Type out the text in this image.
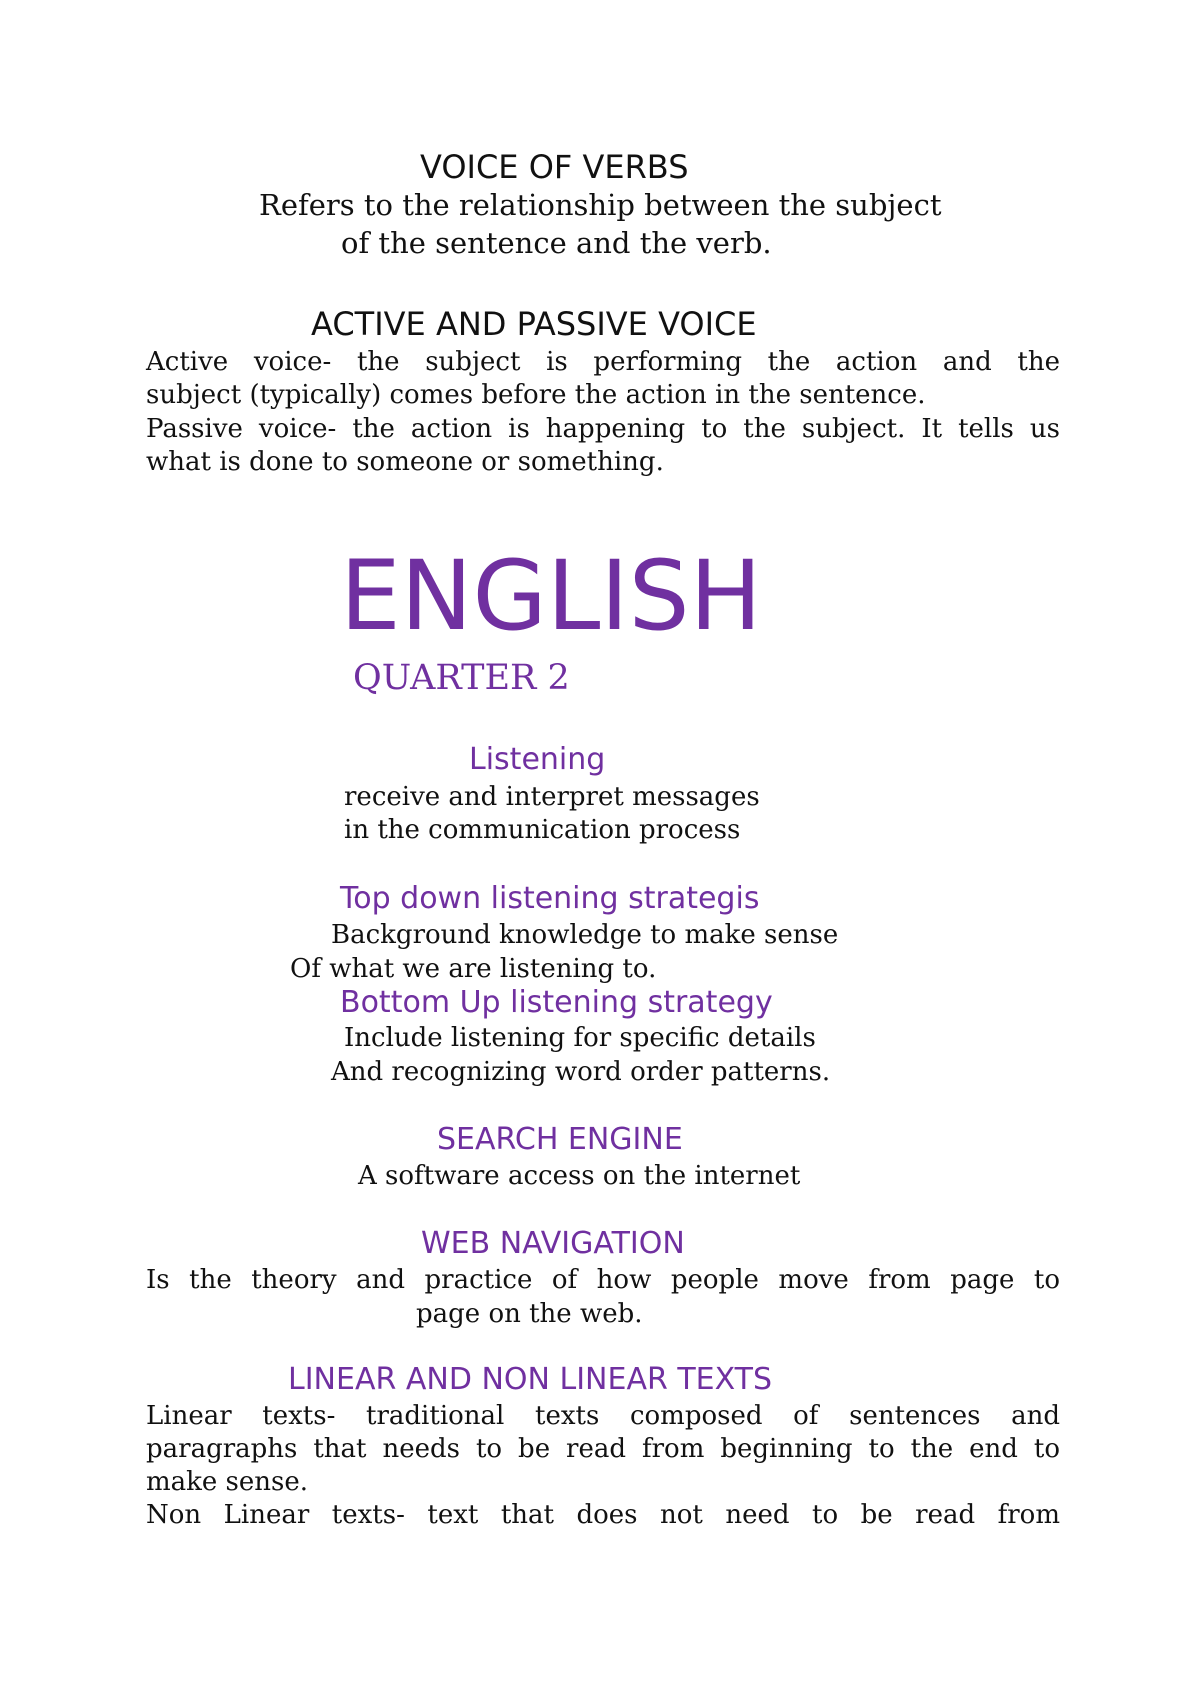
VOICE OF VERBS
Refers to the relationship between the subject
of the sentence and the verb.
ACTIVE AND PASSIVE VOICE

Active voice- the subject is performing the action and the

subject (typically) comes before the action in the sentence.

Passive voice- the action is happening to the subject. It tells us

what is done to someone or something.

ENGLISH
QUARTER 2
Listening
receive and interpret messages
in the communication process
Top down listening strategis
Background knowledge to make sense
Of what we are listening to.
Bottom Up listening strategy
Include listening for specific details
And recognizing word order patterns.
SEARCH ENGINE
A software access on the internet
WEB NAVIGATION

Is the theory and practice of how people move from page to

page on the web.
LINEAR AND NON LINEAR TEXTS

Linear texts- traditional texts composed of sentences and

paragraphs that needs to be read from beginning to the end to

make sense.

Non Linear texts- text that does not need to be read from
